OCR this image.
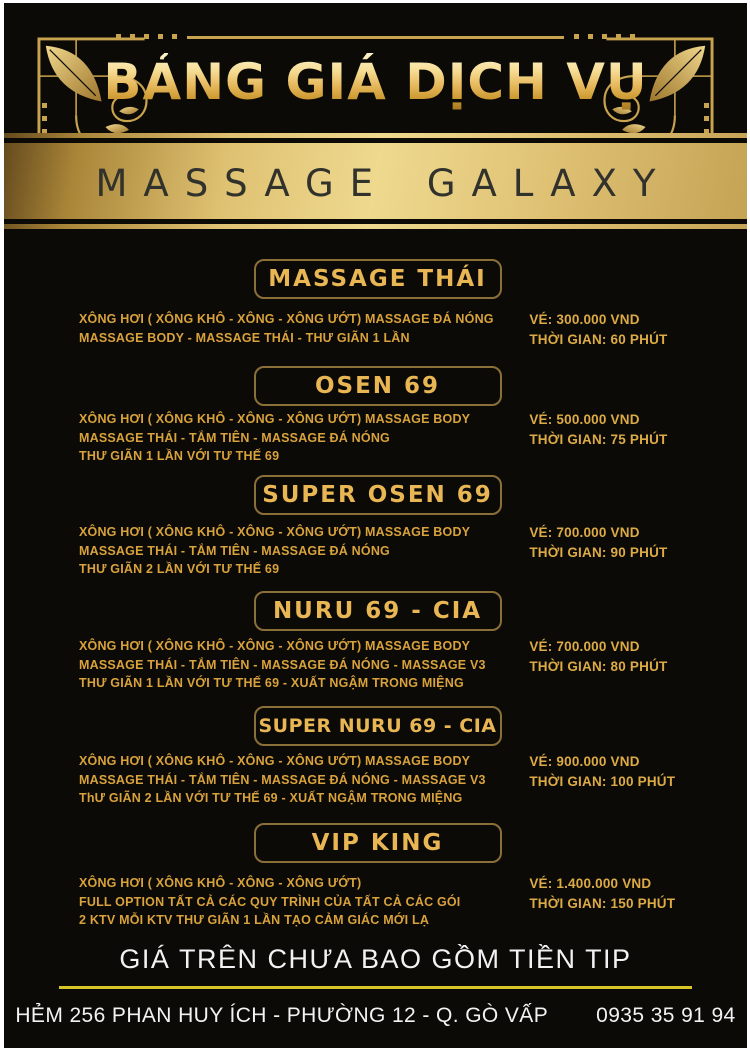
BẢNG GIÁ DỊCH VỤ
MASSAGE GALAXY
MASSAGE THÁI
XÔNG HƠI ( XÔNG KHÔ - XÔNG - XÔNG ƯỚT) MASSAGE ĐÁ NÓNG
MASSAGE BODY - MASSAGE THÁI - THƯ GIÃN 1 LẦN
VÉ: 300.000 VND
THỜI GIAN: 60 PHÚT
OSEN 69
XÔNG HƠI ( XÔNG KHÔ - XÔNG - XÔNG ƯỚT) MASSAGE BODY
MASSAGE THÁI - TẮM TIÊN - MASSAGE ĐÁ NÓNG
THƯ GIÃN 1 LẦN VỚI TƯ THẾ 69
VÉ: 500.000 VND
THỜI GIAN: 75 PHÚT
SUPER OSEN 69
XÔNG HƠI ( XÔNG KHÔ - XÔNG - XÔNG ƯỚT) MASSAGE BODY
MASSAGE THÁI - TẮM TIÊN - MASSAGE ĐÁ NÓNG
THƯ GIÃN 2 LẦN VỚI TƯ THẾ 69
VÉ: 700.000 VND
THỜI GIAN: 90 PHÚT
NURU 69 - CIA
XÔNG HƠI ( XÔNG KHÔ - XÔNG - XÔNG ƯỚT) MASSAGE BODY
MASSAGE THÁI - TẮM TIÊN - MASSAGE ĐÁ NÓNG - MASSAGE V3
THƯ GIÃN 1 LẦN VỚI TƯ THẾ 69 - XUẤT NGẬM TRONG MIỆNG
VÉ: 700.000 VND
THỜI GIAN: 80 PHÚT
SUPER NURU 69 - CIA
XÔNG HƠI ( XÔNG KHÔ - XÔNG - XÔNG ƯỚT) MASSAGE BODY
MASSAGE THÁI - TẮM TIÊN - MASSAGE ĐÁ NÓNG - MASSAGE V3
ThƯ GIÃN 2 LẦN VỚI TƯ THẾ 69 - XUẤT NGẬM TRONG MIỆNG
VÉ: 900.000 VND
THỜI GIAN: 100 PHÚT
VIP KING
XÔNG HƠI ( XÔNG KHÔ - XÔNG - XÔNG ƯỚT)
FULL OPTION TẤT CẢ CÁC QUY TRÌNH CỦA TẤT CẢ CÁC GÓI
2 KTV MỖI KTV THƯ GIÃN 1 LẦN TẠO CẢM GIÁC MỚI LẠ
VÉ: 1.400.000 VND
THỜI GIAN: 150 PHÚT
GIÁ TRÊN CHƯA BAO GỒM TIỀN TIP
HẺM 256 PHAN HUY ÍCH - PHƯỜNG 12 - Q. GÒ VẤP 0935 35 91 94
